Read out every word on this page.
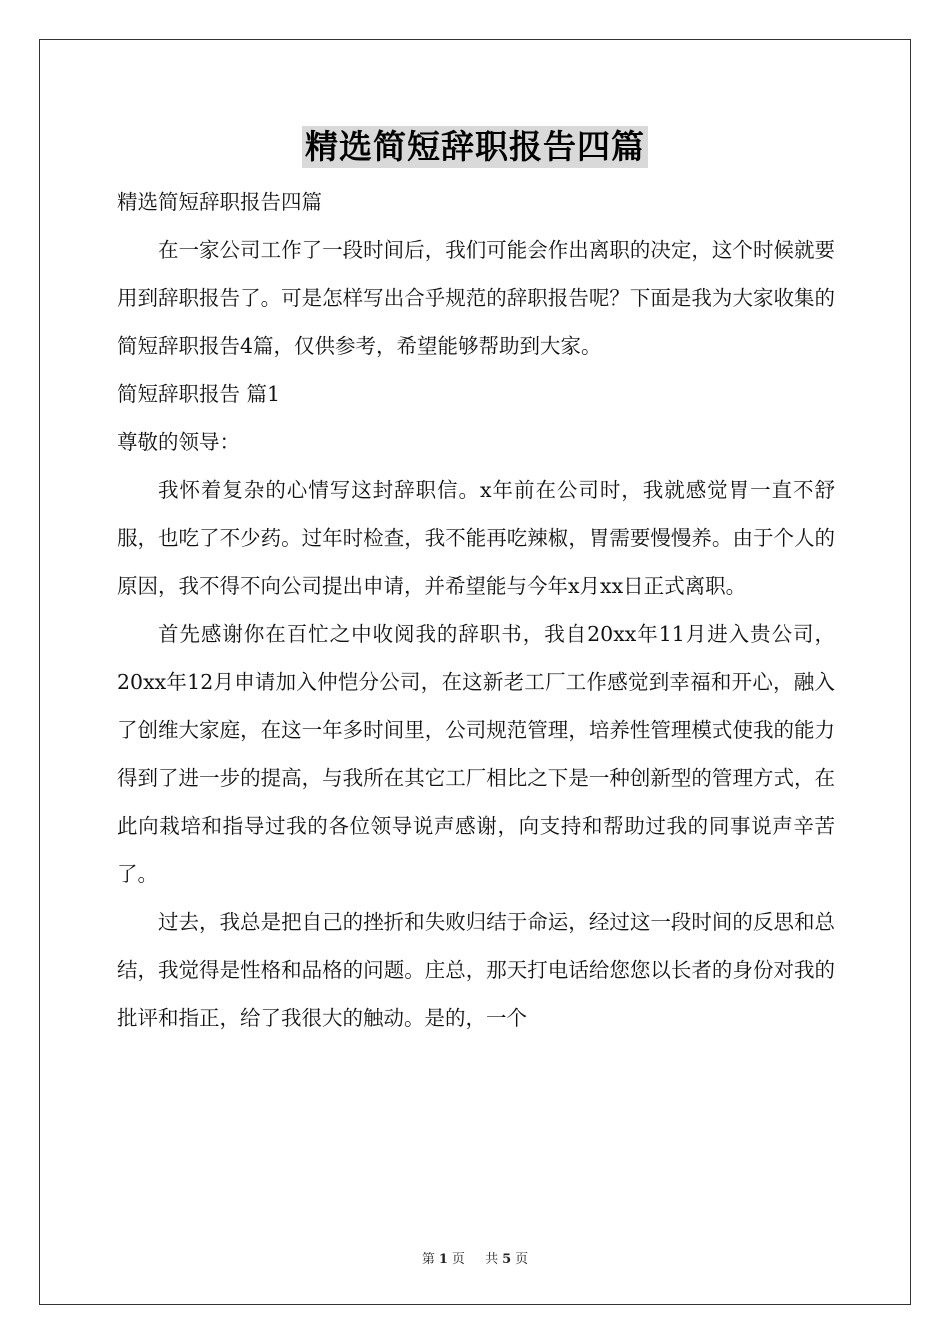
精选简短辞职报告四篇

精选简短辞职报告四篇

在一家公司工作了一段时间后，我们可能会作出离职的决定，这个时候就要用到辞职报告了。可是怎样写出合乎规范的辞职报告呢？下面是我为大家收集的简短辞职报告4篇，仅供参考，希望能够帮助到大家。

简短辞职报告 篇1

尊敬的领导：

我怀着复杂的心情写这封辞职信。x年前在公司时，我就感觉胃一直不舒服，也吃了不少药。过年时检查，我不能再吃辣椒，胃需要慢慢养。由于个人的原因，我不得不向公司提出申请，并希望能与今年x月xx日正式离职。

首先感谢你在百忙之中收阅我的辞职书，我自20xx年11月进入贵公司，20xx年12月申请加入仲恺分公司，在这新老工厂工作感觉到幸福和开心，融入了创维大家庭，在这一年多时间里，公司规范管理，培养性管理模式使我的能力得到了进一步的提高，与我所在其它工厂相比之下是一种创新型的管理方式，在此向栽培和指导过我的各位领导说声感谢，向支持和帮助过我的同事说声辛苦了。

过去，我总是把自己的挫折和失败归结于命运，经过这一段时间的反思和总结，我觉得是性格和品格的问题。庄总，那天打电话给您您以长者的身份对我的批评和指正，给了我很大的触动。是的，一个

第 1 页 共 5 页
